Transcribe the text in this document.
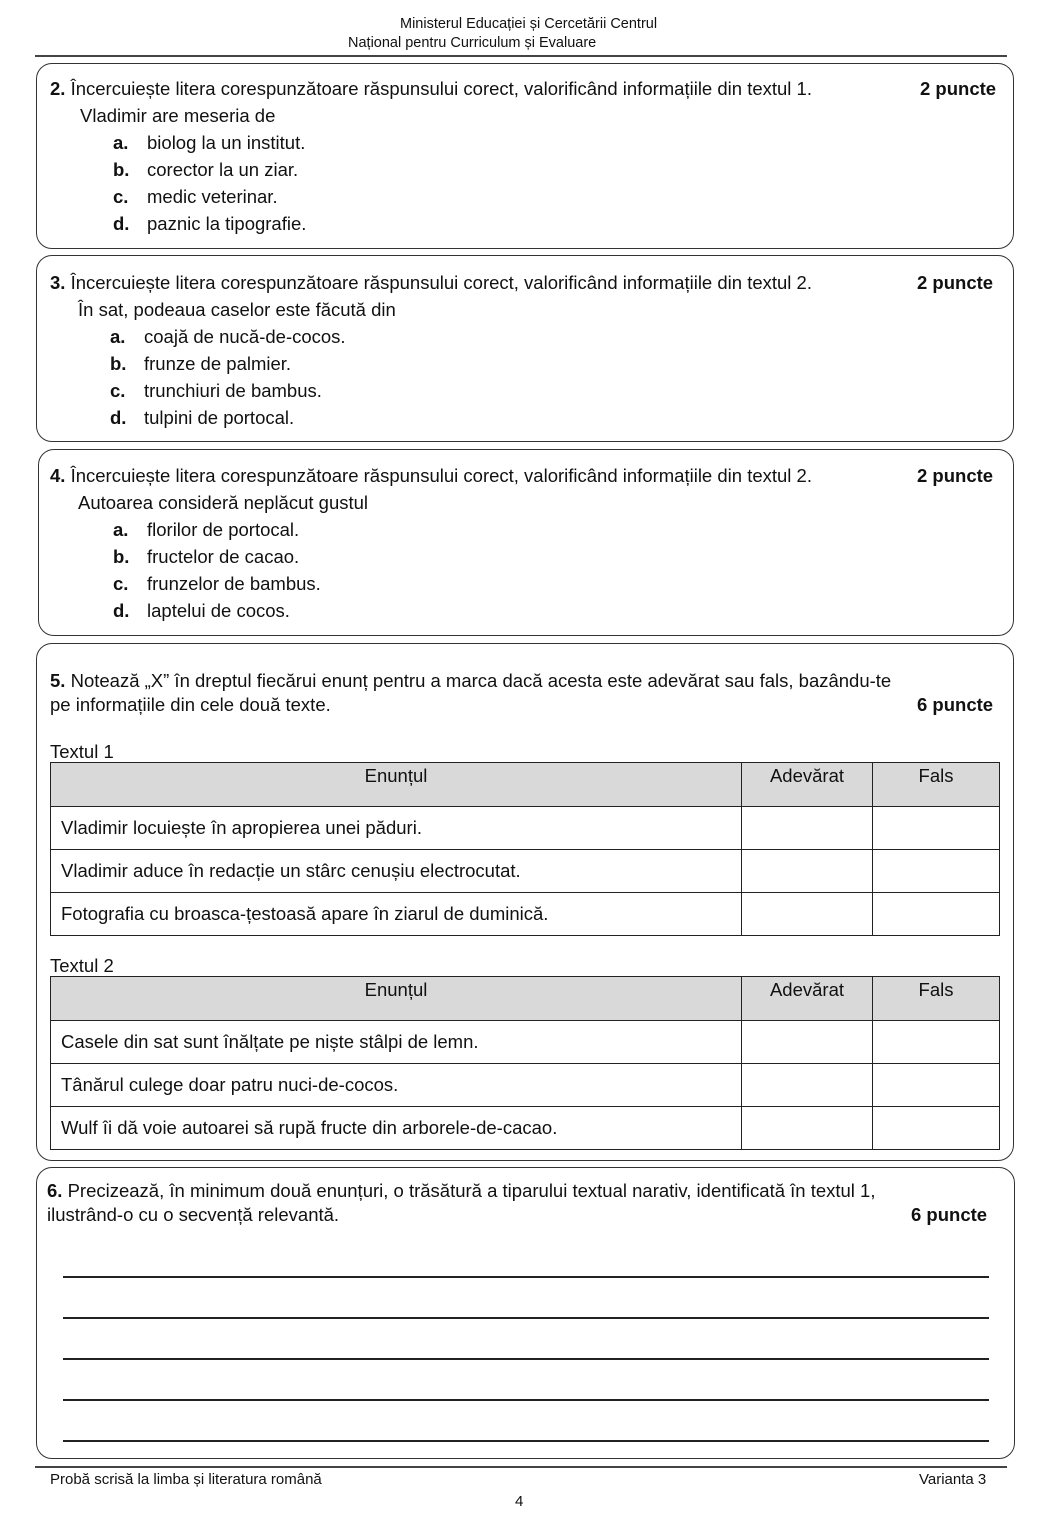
Ministerul Educației și Cercetării Centrul
Național pentru Curriculum și Evaluare
2. Încercuiește litera corespunzătoare răspunsului corect, valorificând informațiile din textul 1.	2 puncte
Vladimir are meseria de
a. biolog la un institut.
b. corector la un ziar.
c. medic veterinar.
d. paznic la tipografie.
3. Încercuiește litera corespunzătoare răspunsului corect, valorificând informațiile din textul 2.	2 puncte
În sat, podeaua caselor este făcută din
a. coajă de nucă-de-cocos.
b. frunze de palmier.
c. trunchiuri de bambus.
d. tulpini de portocal.
4. Încercuiește litera corespunzătoare răspunsului corect, valorificând informațiile din textul 2.	2 puncte
Autoarea consideră neplăcut gustul
a. florilor de portocal.
b. fructelor de cacao.
c. frunzelor de bambus.
d. laptelui de cocos.
5. Notează „X” în dreptul fiecărui enunț pentru a marca dacă acesta este adevărat sau fals, bazându-te
pe informațiile din cele două texte.	6 puncte
Textul 1
Enunțul	Adevărat	Fals
Vladimir locuiește în apropierea unei păduri.		
Vladimir aduce în redacție un stârc cenușiu electrocutat.		
Fotografia cu broasca-țestoasă apare în ziarul de duminică.		
Textul 2
Enunțul	Adevărat	Fals
Casele din sat sunt înălțate pe niște stâlpi de lemn.		
Tânărul culege doar patru nuci-de-cocos.		
Wulf îi dă voie autoarei să rupă fructe din arborele-de-cacao.		
6. Precizează, în minimum două enunțuri, o trăsătură a tiparului textual narativ, identificată în textul 1,
ilustrând-o cu o secvență relevantă.	6 puncte
Probă scrisă la limba și literatura română	Varianta 3
4
